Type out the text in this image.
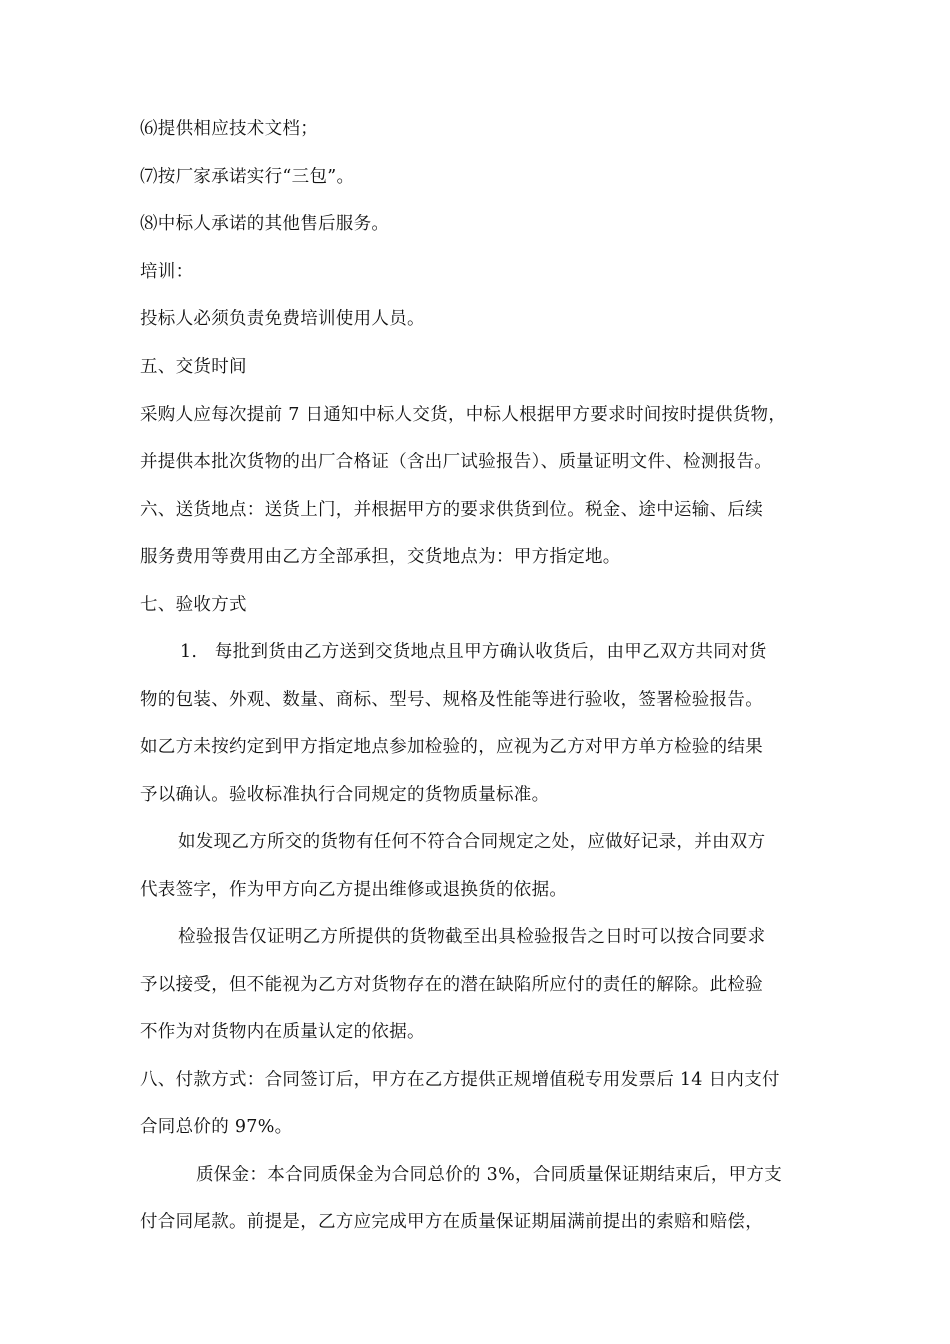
⑹提供相应技术文档；
⑺按厂家承诺实行“三包”。
⑻中标人承诺的其他售后服务。
培训：
投标人必须负责免费培训使用人员。
五、交货时间
采购人应每次提前 7 日通知中标人交货，中标人根据甲方要求时间按时提供货物，
并提供本批次货物的出厂合格证（含出厂试验报告）、质量证明文件、检测报告。
六、送货地点：送货上门，并根据甲方的要求供货到位。税金、途中运输、后续
服务费用等费用由乙方全部承担，交货地点为：甲方指定地。
七、验收方式
1.   每批到货由乙方送到交货地点且甲方确认收货后，由甲乙双方共同对货
物的包装、外观、数量、商标、型号、规格及性能等进行验收，签署检验报告。
如乙方未按约定到甲方指定地点参加检验的，应视为乙方对甲方单方检验的结果
予以确认。验收标准执行合同规定的货物质量标准。
如发现乙方所交的货物有任何不符合合同规定之处，应做好记录，并由双方
代表签字，作为甲方向乙方提出维修或退换货的依据。
检验报告仅证明乙方所提供的货物截至出具检验报告之日时可以按合同要求
予以接受，但不能视为乙方对货物存在的潜在缺陷所应付的责任的解除。此检验
不作为对货物内在质量认定的依据。
八、付款方式：合同签订后，甲方在乙方提供正规增值税专用发票后 14 日内支付
合同总价的 97%。
质保金：本合同质保金为合同总价的 3%，合同质量保证期结束后，甲方支
付合同尾款。前提是，乙方应完成甲方在质量保证期届满前提出的索赔和赔偿，
